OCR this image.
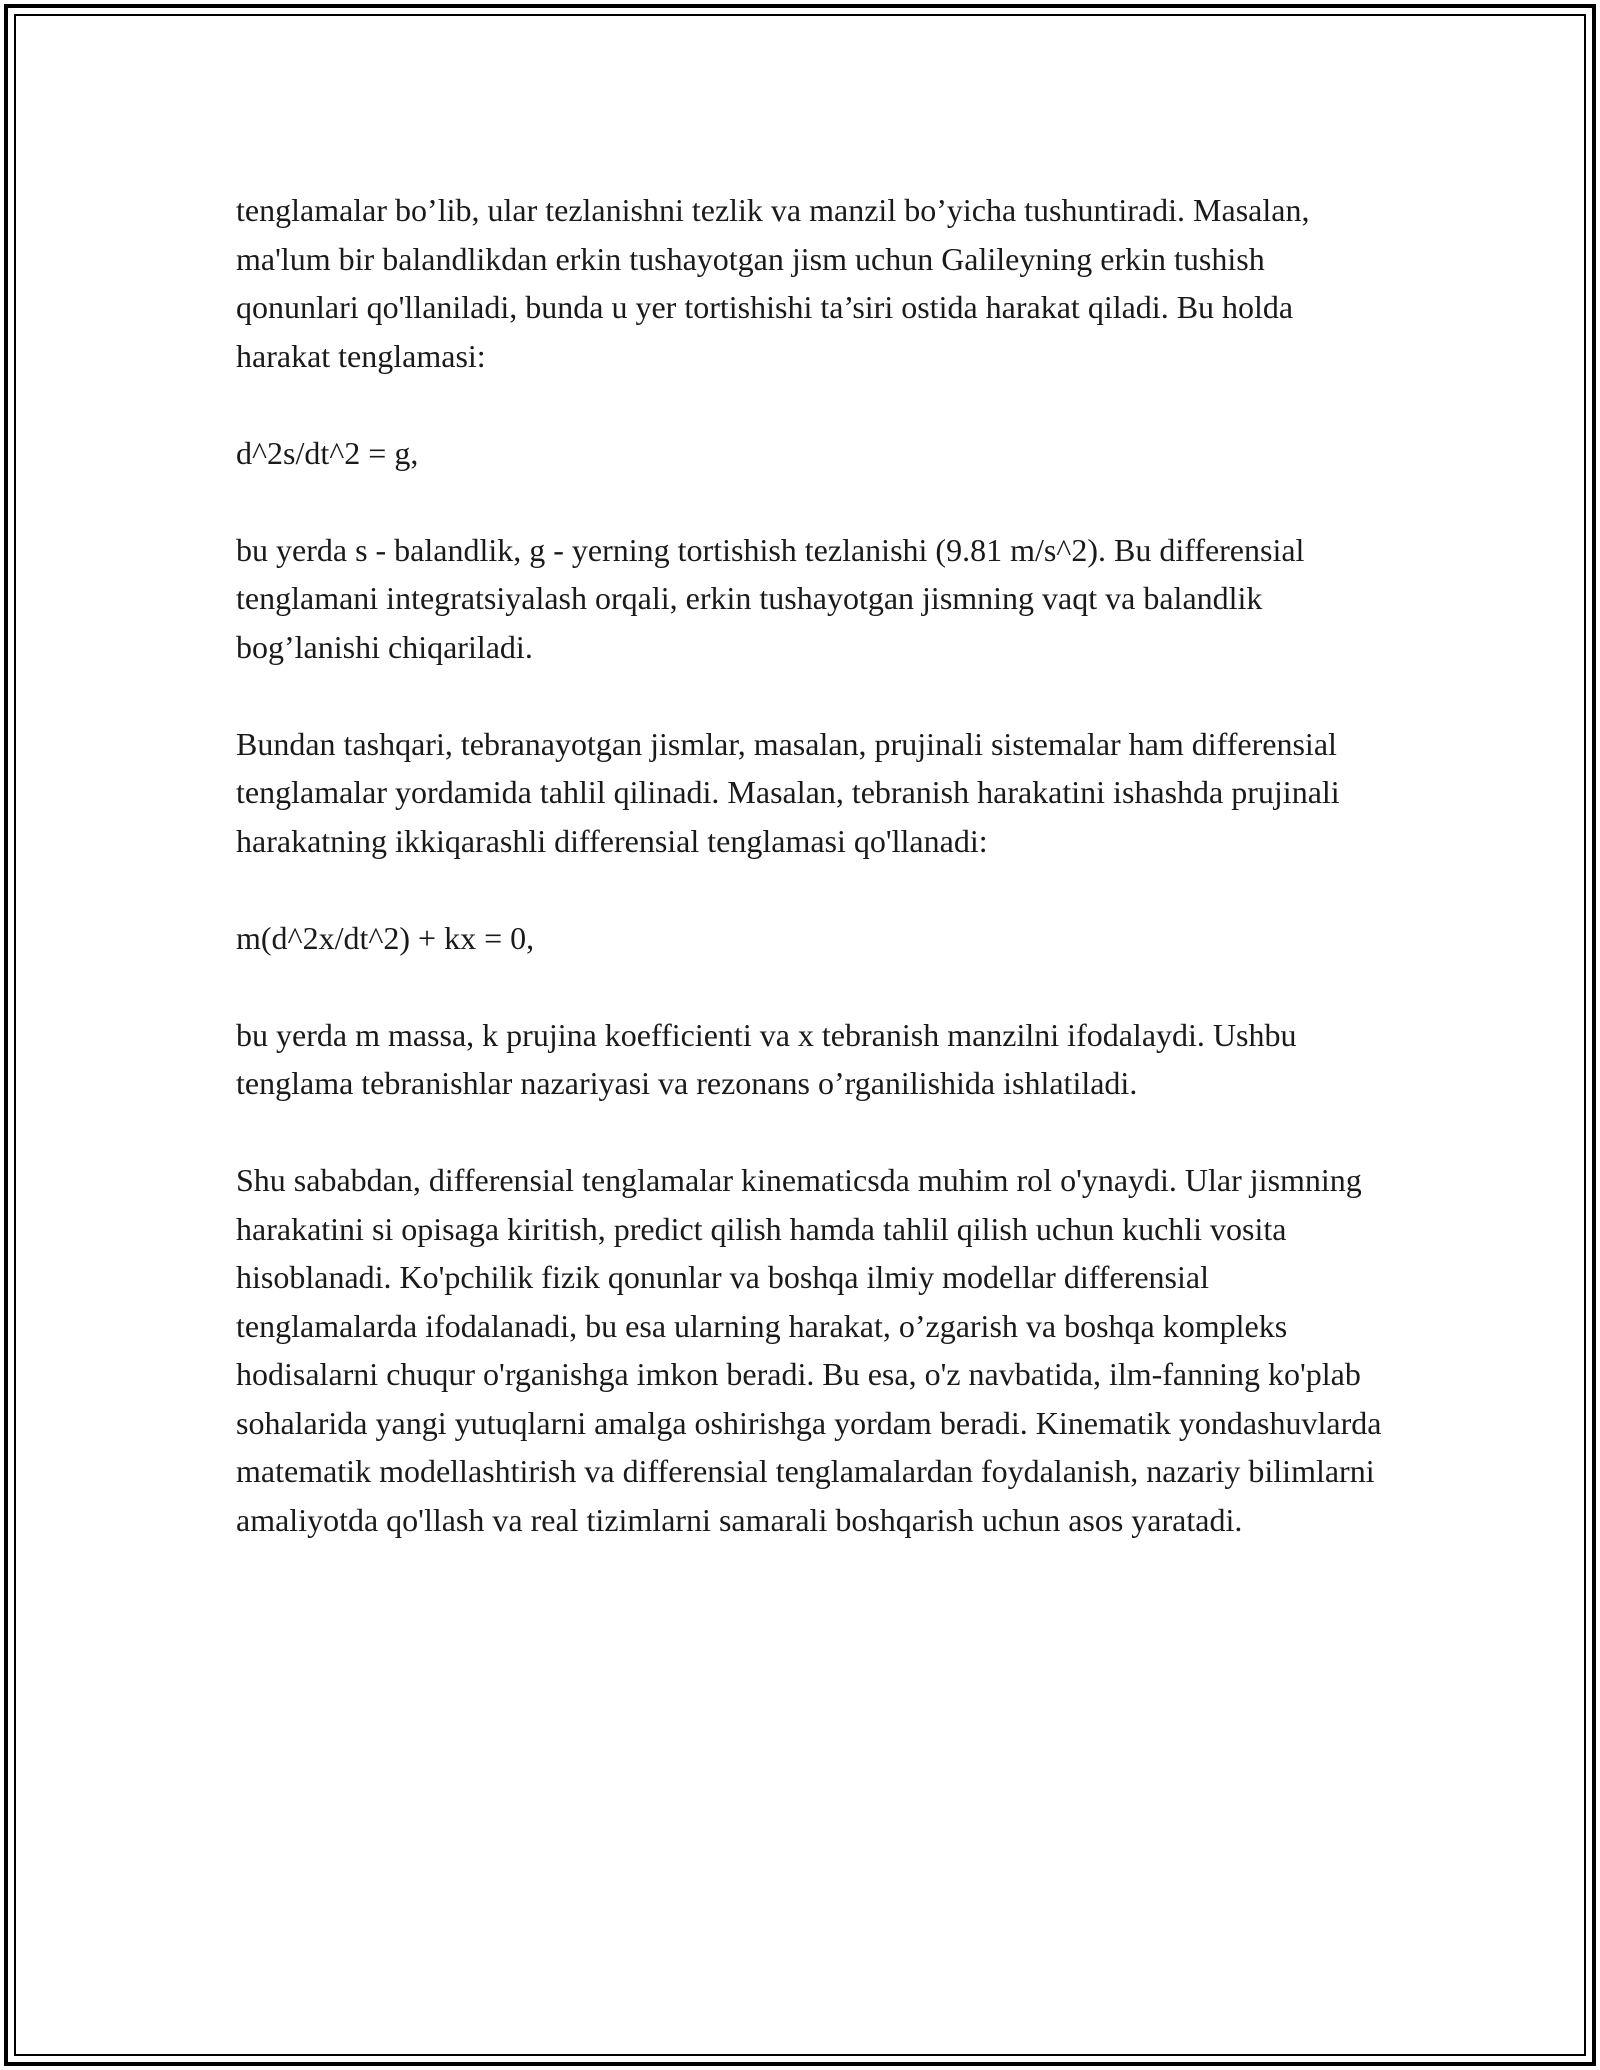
tenglamalar bo’lib, ular tezlanishni tezlik va manzil bo’yicha tushuntiradi. Masalan, ma'lum bir balandlikdan erkin tushayotgan jism uchun Galileyning erkin tushish qonunlari qo'llaniladi, bunda u yer tortishishi ta’siri ostida harakat qiladi. Bu holda harakat tenglamasi:

d^2s/dt^2 = g,

bu yerda s - balandlik, g - yerning tortishish tezlanishi (9.81 m/s^2). Bu differensial tenglamani integratsiyalash orqali, erkin tushayotgan jismning vaqt va balandlik bog’lanishi chiqariladi.

Bundan tashqari, tebranayotgan jismlar, masalan, prujinali sistemalar ham differensial tenglamalar yordamida tahlil qilinadi. Masalan, tebranish harakatini ishashda prujinali harakatning ikkiqarashli differensial tenglamasi qo'llanadi:

m(d^2x/dt^2) + kx = 0,

bu yerda m massa, k prujina koefficienti va x tebranish manzilni ifodalaydi. Ushbu tenglama tebranishlar nazariyasi va rezonans o’rganilishida ishlatiladi.

Shu sababdan, differensial tenglamalar kinematicsda muhim rol o'ynaydi. Ular jismning harakatini si opisaga kiritish, predict qilish hamda tahlil qilish uchun kuchli vosita hisoblanadi. Ko'pchilik fizik qonunlar va boshqa ilmiy modellar differensial tenglamalarda ifodalanadi, bu esa ularning harakat, o’zgarish va boshqa kompleks hodisalarni chuqur o'rganishga imkon beradi. Bu esa, o'z navbatida, ilm-fanning ko'plab sohalarida yangi yutuqlarni amalga oshirishga yordam beradi. Kinematik yondashuvlarda matematik modellashtirish va differensial tenglamalardan foydalanish, nazariy bilimlarni amaliyotda qo'llash va real tizimlarni samarali boshqarish uchun asos yaratadi.
